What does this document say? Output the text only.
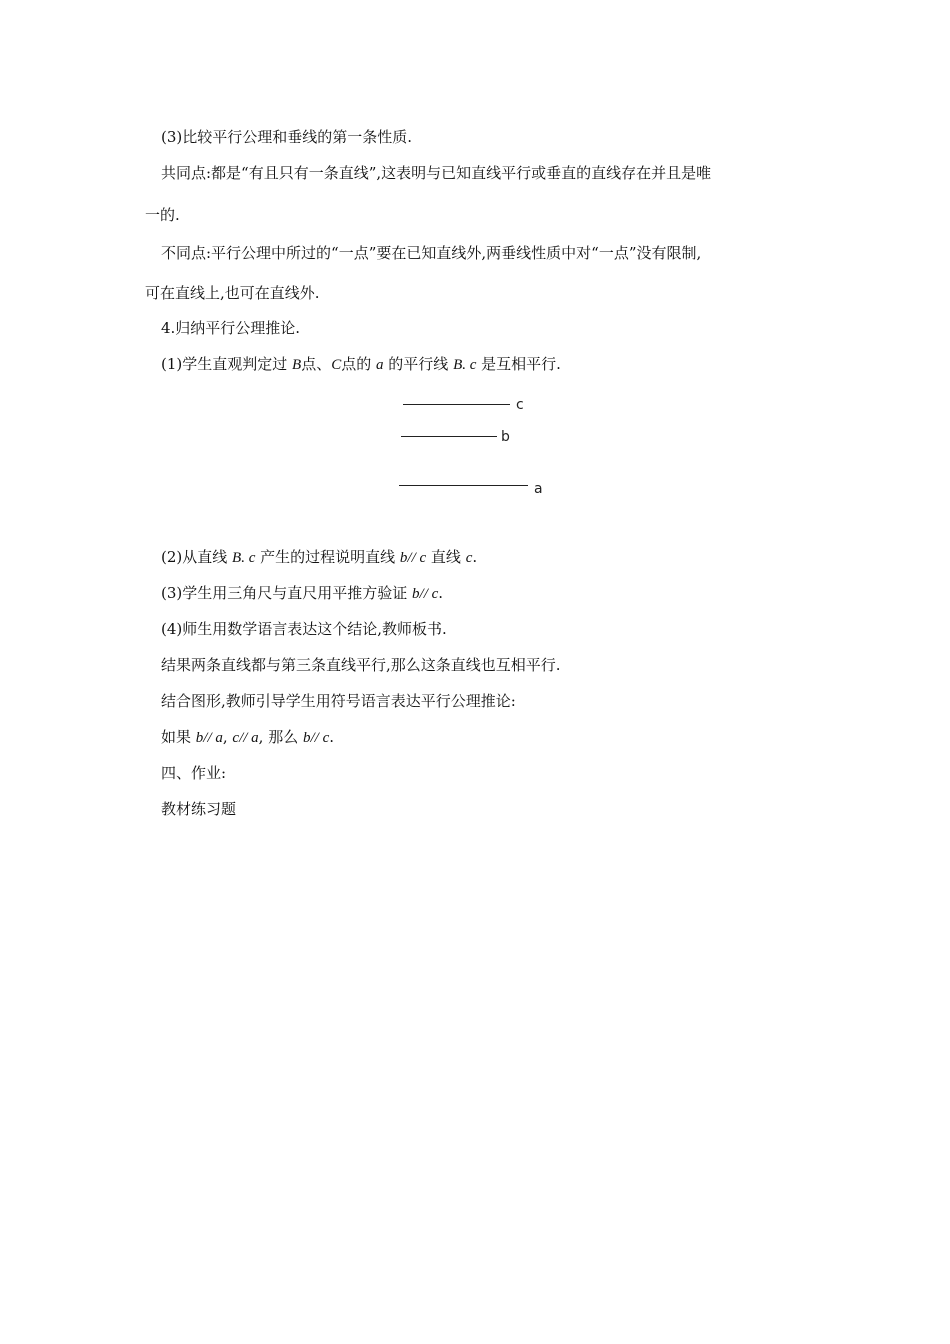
(3)比较平行公理和垂线的第一条性质.
共同点:都是“有且只有一条直线”,这表明与已知直线平行或垂直的直线存在并且是唯
一的.
不同点:平行公理中所过的“一点”要在已知直线外,两垂线性质中对“一点”没有限制,
可在直线上,也可在直线外.
4.归纳平行公理推论.
(1)学生直观判定过 B点、C点的 a 的平行线 B. c 是互相平行.
c
b
a
(2)从直线 B. c 产生的过程说明直线 b// c 直线 c.
(3)学生用三角尺与直尺用平推方验证 b// c.
(4)师生用数学语言表达这个结论,教师板书.
结果两条直线都与第三条直线平行,那么这条直线也互相平行.
结合图形,教师引导学生用符号语言表达平行公理推论:
如果 b// a, c// a, 那么 b// c.
四、作业:
教材练习题
